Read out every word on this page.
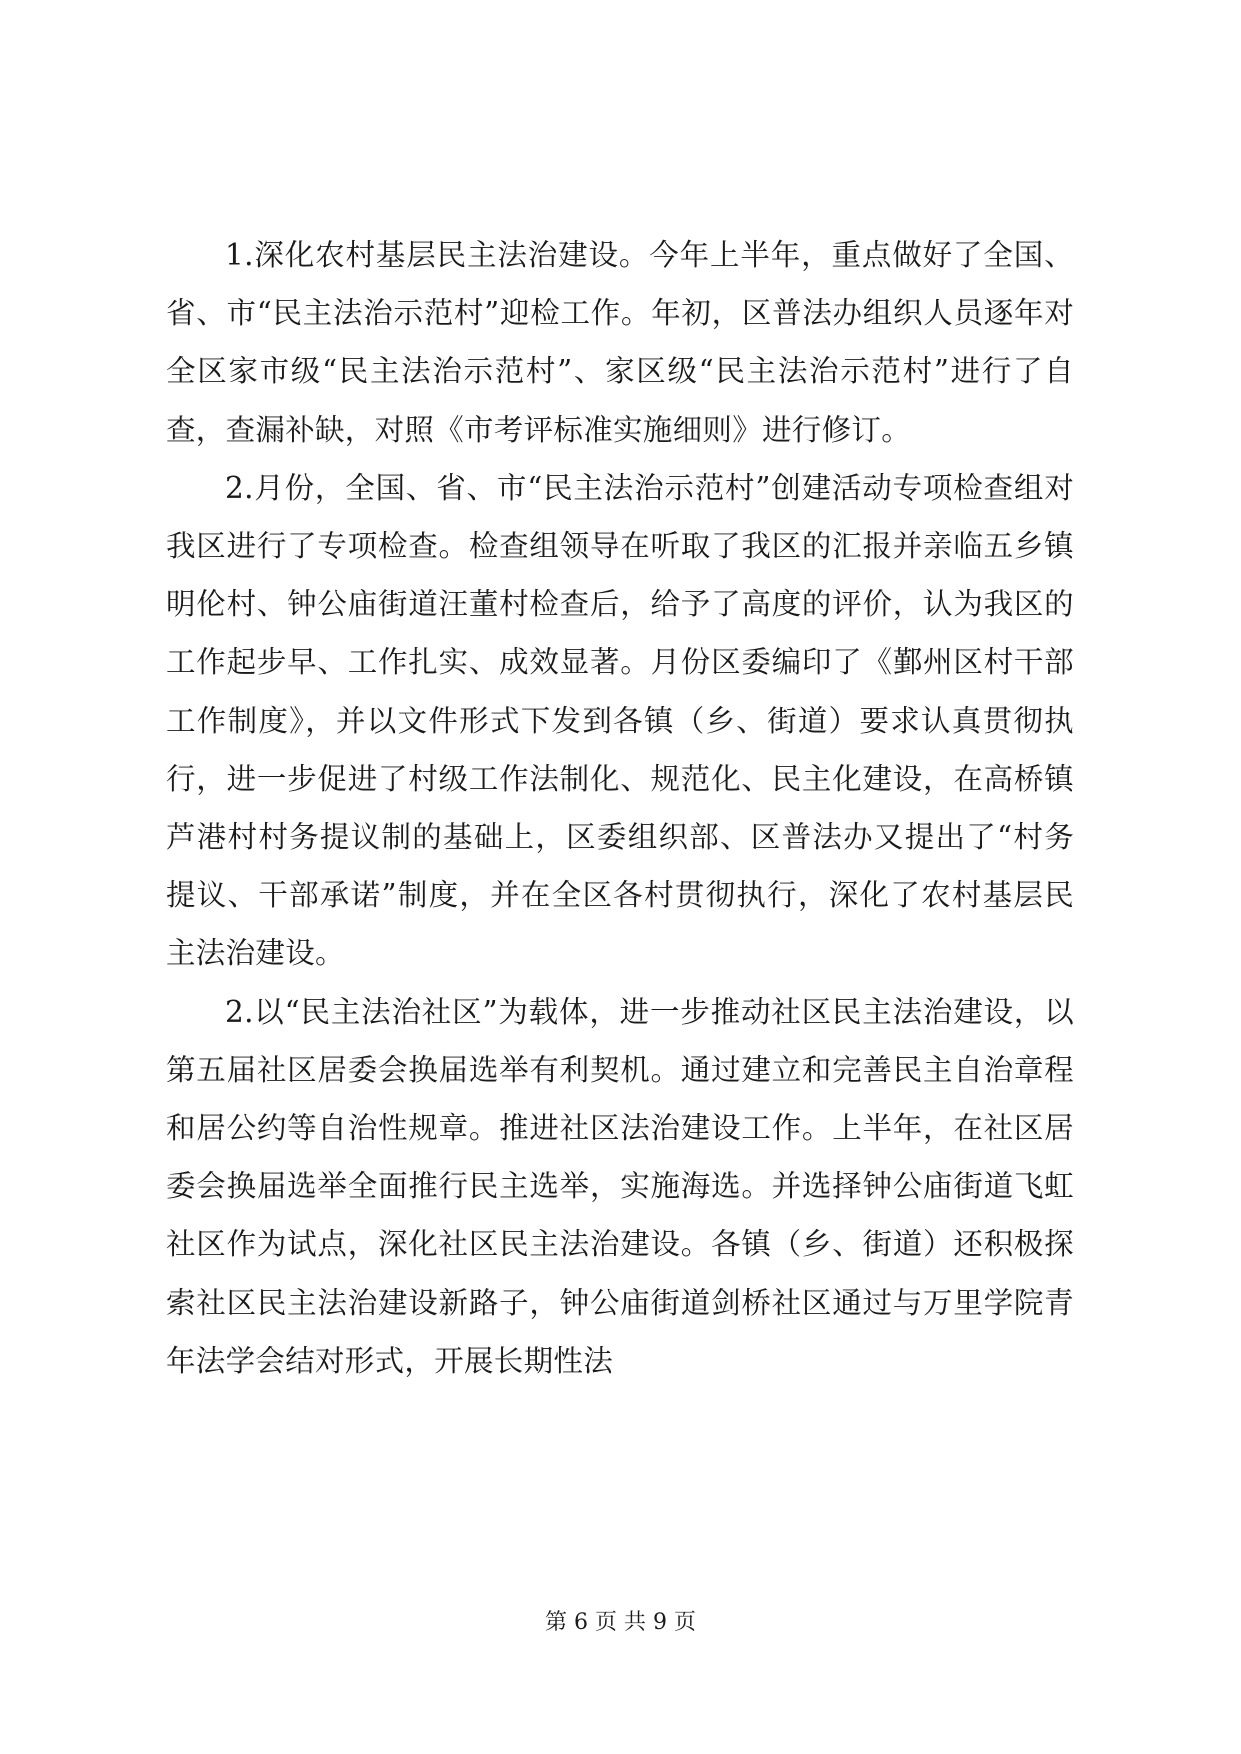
1.深化农村基层民主法治建设。今年上半年，重点做好了全国、省、市“民主法治示范村”迎检工作。年初，区普法办组织人员逐年对全区家市级“民主法治示范村”、家区级“民主法治示范村”进行了自查，查漏补缺，对照《市考评标准实施细则》进行修订。

2.月份，全国、省、市“民主法治示范村”创建活动专项检查组对我区进行了专项检查。检查组领导在听取了我区的汇报并亲临五乡镇明伦村、钟公庙街道汪董村检查后，给予了高度的评价，认为我区的工作起步早、工作扎实、成效显著。月份区委编印了《鄞州区村干部工作制度》，并以文件形式下发到各镇（乡、街道）要求认真贯彻执行，进一步促进了村级工作法制化、规范化、民主化建设，在高桥镇芦港村村务提议制的基础上，区委组织部、区普法办又提出了“村务提议、干部承诺”制度，并在全区各村贯彻执行，深化了农村基层民主法治建设。

2.以“民主法治社区”为载体，进一步推动社区民主法治建设，以第五届社区居委会换届选举有利契机。通过建立和完善民主自治章程和居公约等自治性规章。推进社区法治建设工作。上半年，在社区居委会换届选举全面推行民主选举，实施海选。并选择钟公庙街道飞虹社区作为试点，深化社区民主法治建设。各镇（乡、街道）还积极探索社区民主法治建设新路子，钟公庙街道剑桥社区通过与万里学院青年法学会结对形式，开展长期性法

第 6 页 共 9 页
